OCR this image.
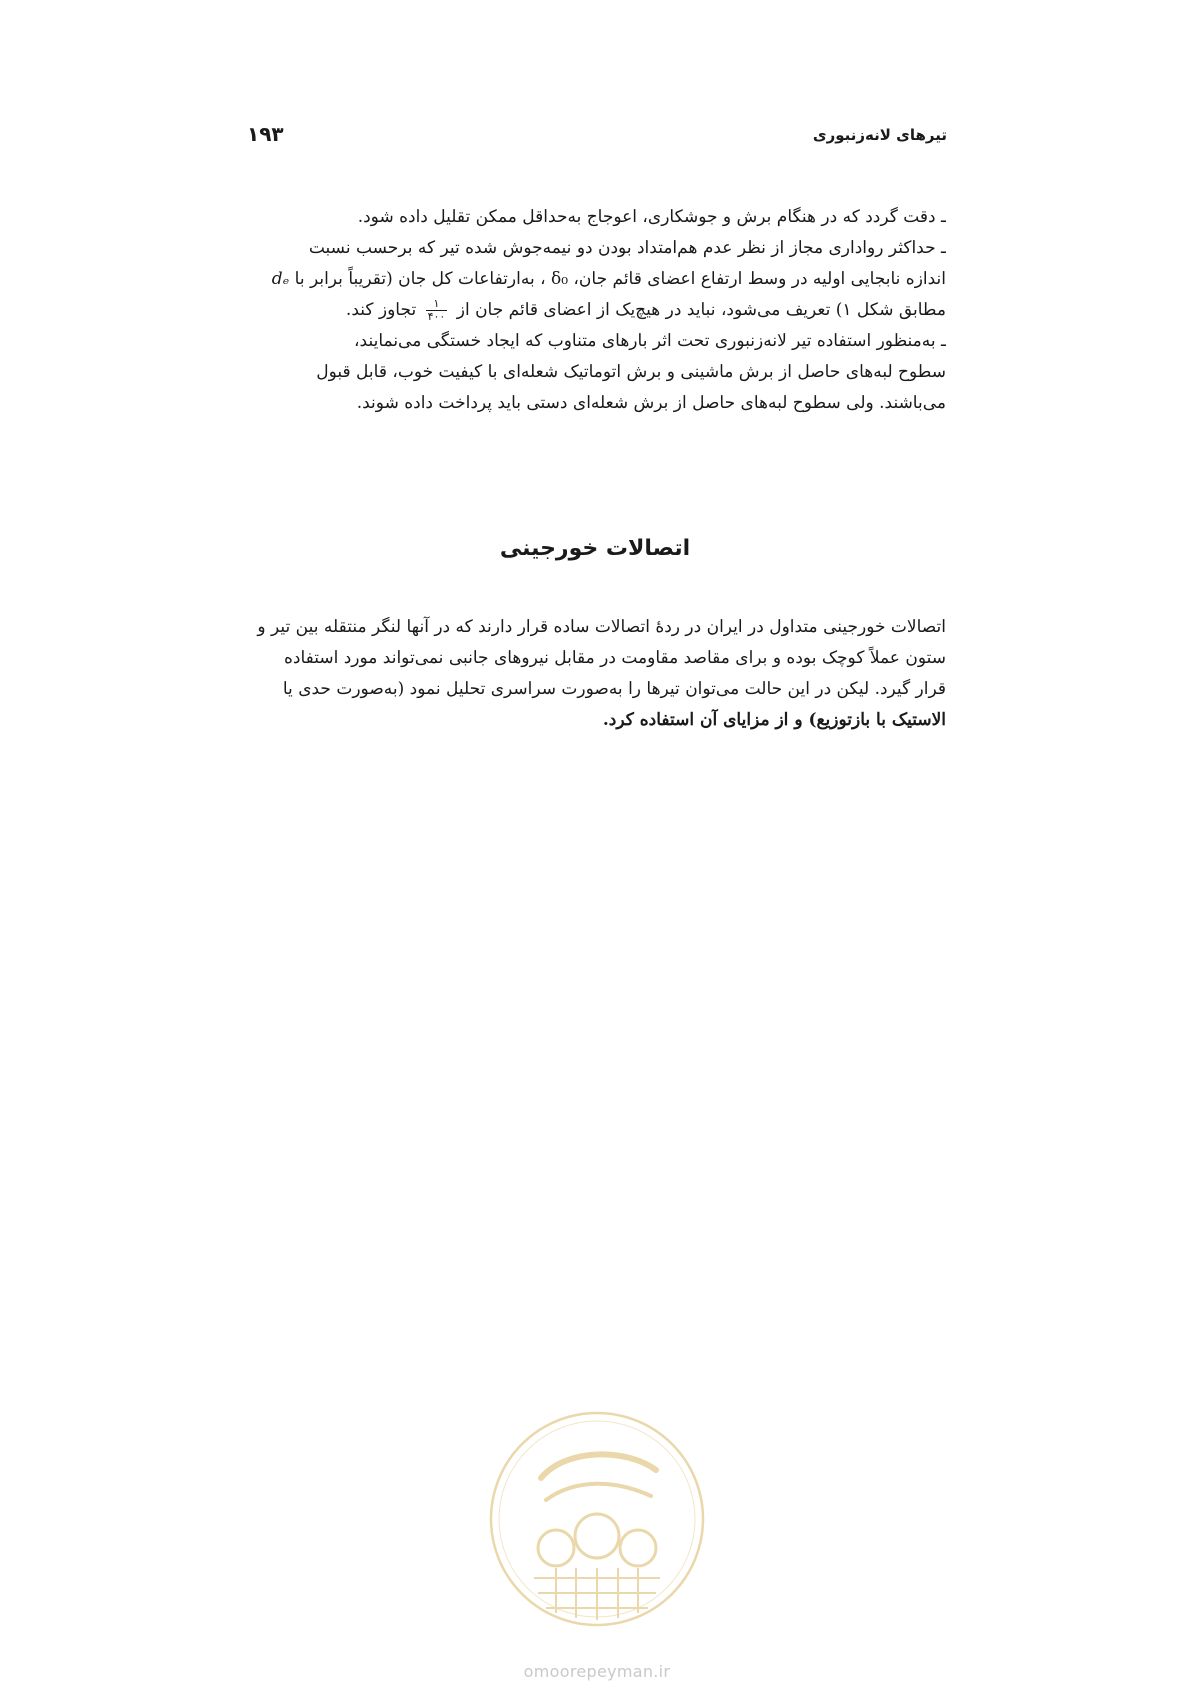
۱۹۳	تیرهای لانه‌زنبوری
ـ دقت گردد که در هنگام برش و جوشکاری، اعوجاج به‌حداقل ممکن تقلیل داده شود.
ـ حداکثر رواداری مجاز از نظر عدم هم‌امتداد بودن دو نیمه‌جوش شده تیر که برحسب نسبت
اندازه نابجایی اولیه در وسط ارتفاع اعضای قائم جان، δ₀ ، به‌ارتفاعات کل جان (تقریباً برابر با dₑ
مطابق شکل ۱) تعریف می‌شود، نباید در هیچ‌یک از اعضای قائم جان از
$\frac{۱}{۴۰۰}$
تجاوز کند.
ـ به‌منظور استفاده تیر لانه‌زنبوری تحت اثر بارهای متناوب که ایجاد خستگی می‌نمایند،
سطوح لبه‌های حاصل از برش ماشینی و برش اتوماتیک شعله‌ای با کیفیت خوب، قابل قبول
می‌باشند. ولی سطوح لبه‌های حاصل از برش شعله‌ای دستی باید پرداخت داده شوند.
اتصالات خورجینی
اتصالات خورجینی متداول در ایران در ردهٔ اتصالات ساده قرار دارند که در آنها لنگر منتقله بین تیر و
ستون عملاً کوچک بوده و برای مقاصد مقاومت در مقابل نیروهای جانبی نمی‌تواند مورد استفاده
قرار گیرد. لیکن در این حالت می‌توان تیرها را به‌صورت سراسری تحلیل نمود (به‌صورت حدی یا
الاستیک با بازتوزیع) و از مزایای آن استفاده کرد.
omoorepeyman.ir
